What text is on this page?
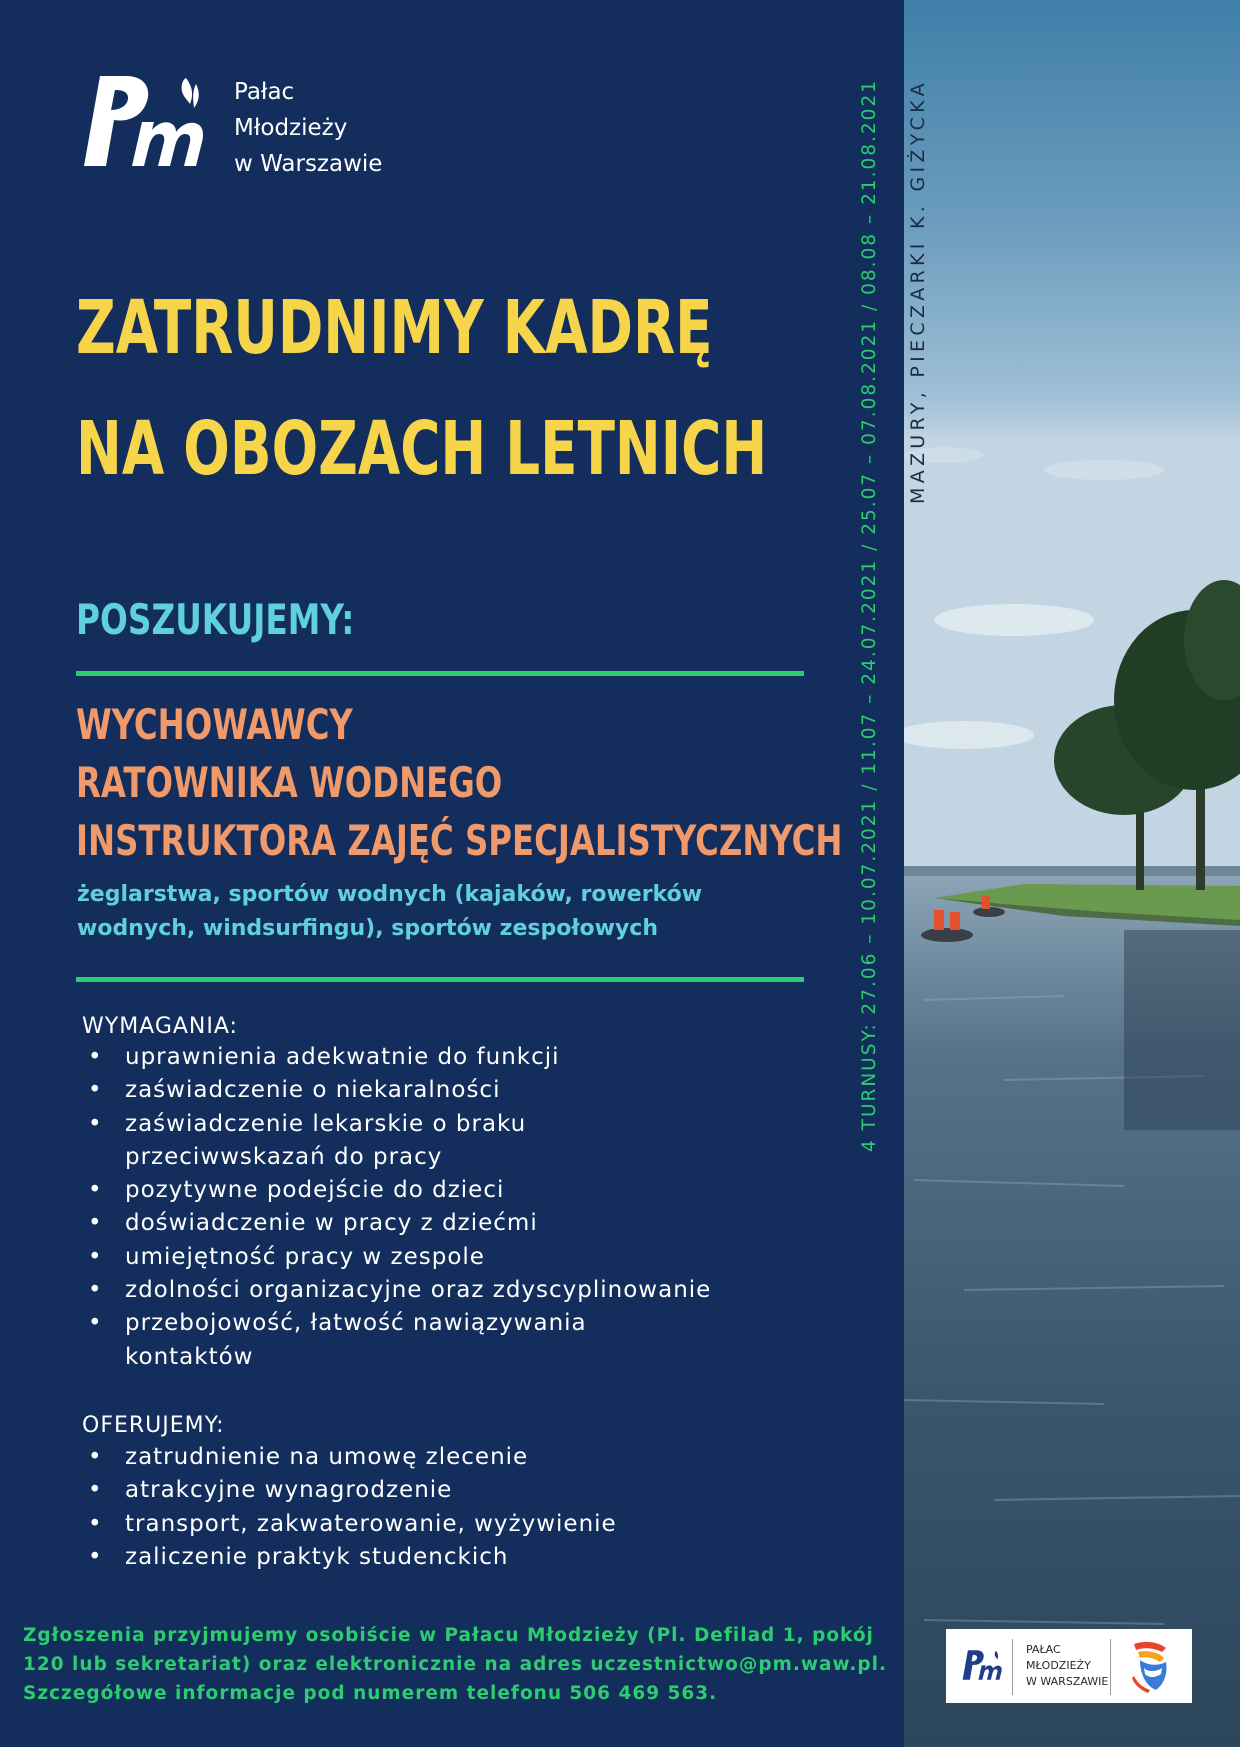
Pałac
Młodzieży
w Warszawie
ZATRUDNIMY KADRĘ
NA OBOZACH LETNICH
POSZUKUJEMY:
WYCHOWAWCY
RATOWNIKA WODNEGO
INSTRUKTORA ZAJĘĆ SPECJALISTYCZNYCH
żeglarstwa, sportów wodnych (kajaków, rowerków wodnych, windsurfingu), sportów zespołowych
WYMAGANIA:
• uprawnienia adekwatnie do funkcji
• zaświadczenie o niekaralności
• zaświadczenie lekarskie o braku przeciwwskazań do pracy
• pozytywne podejście do dzieci
• doświadczenie w pracy z dziećmi
• umiejętność pracy w zespole
• zdolności organizacyjne oraz zdyscyplinowanie
• przebojowość, łatwość nawiązywania kontaktów
OFERUJEMY:
• zatrudnienie na umowę zlecenie
• atrakcyjne wynagrodzenie
• transport, zakwaterowanie, wyżywienie
• zaliczenie praktyk studenckich
Zgłoszenia przyjmujemy osobiście w Pałacu Młodzieży (Pl. Defilad 1, pokój 120 lub sekretariat) oraz elektronicznie na adres uczestnictwo@pm.waw.pl. Szczegółowe informacje pod numerem telefonu 506 469 563.
4 TURNUSY: 27.06 – 10.07.2021 / 11.07 – 24.07.2021 / 25.07 – 07.08.2021 / 08.08 – 21.08.2021 MAZURY, PIECZARKI K. GIŻYCKA
PAŁAC
MŁODZIEŻY
W WARSZAWIE
